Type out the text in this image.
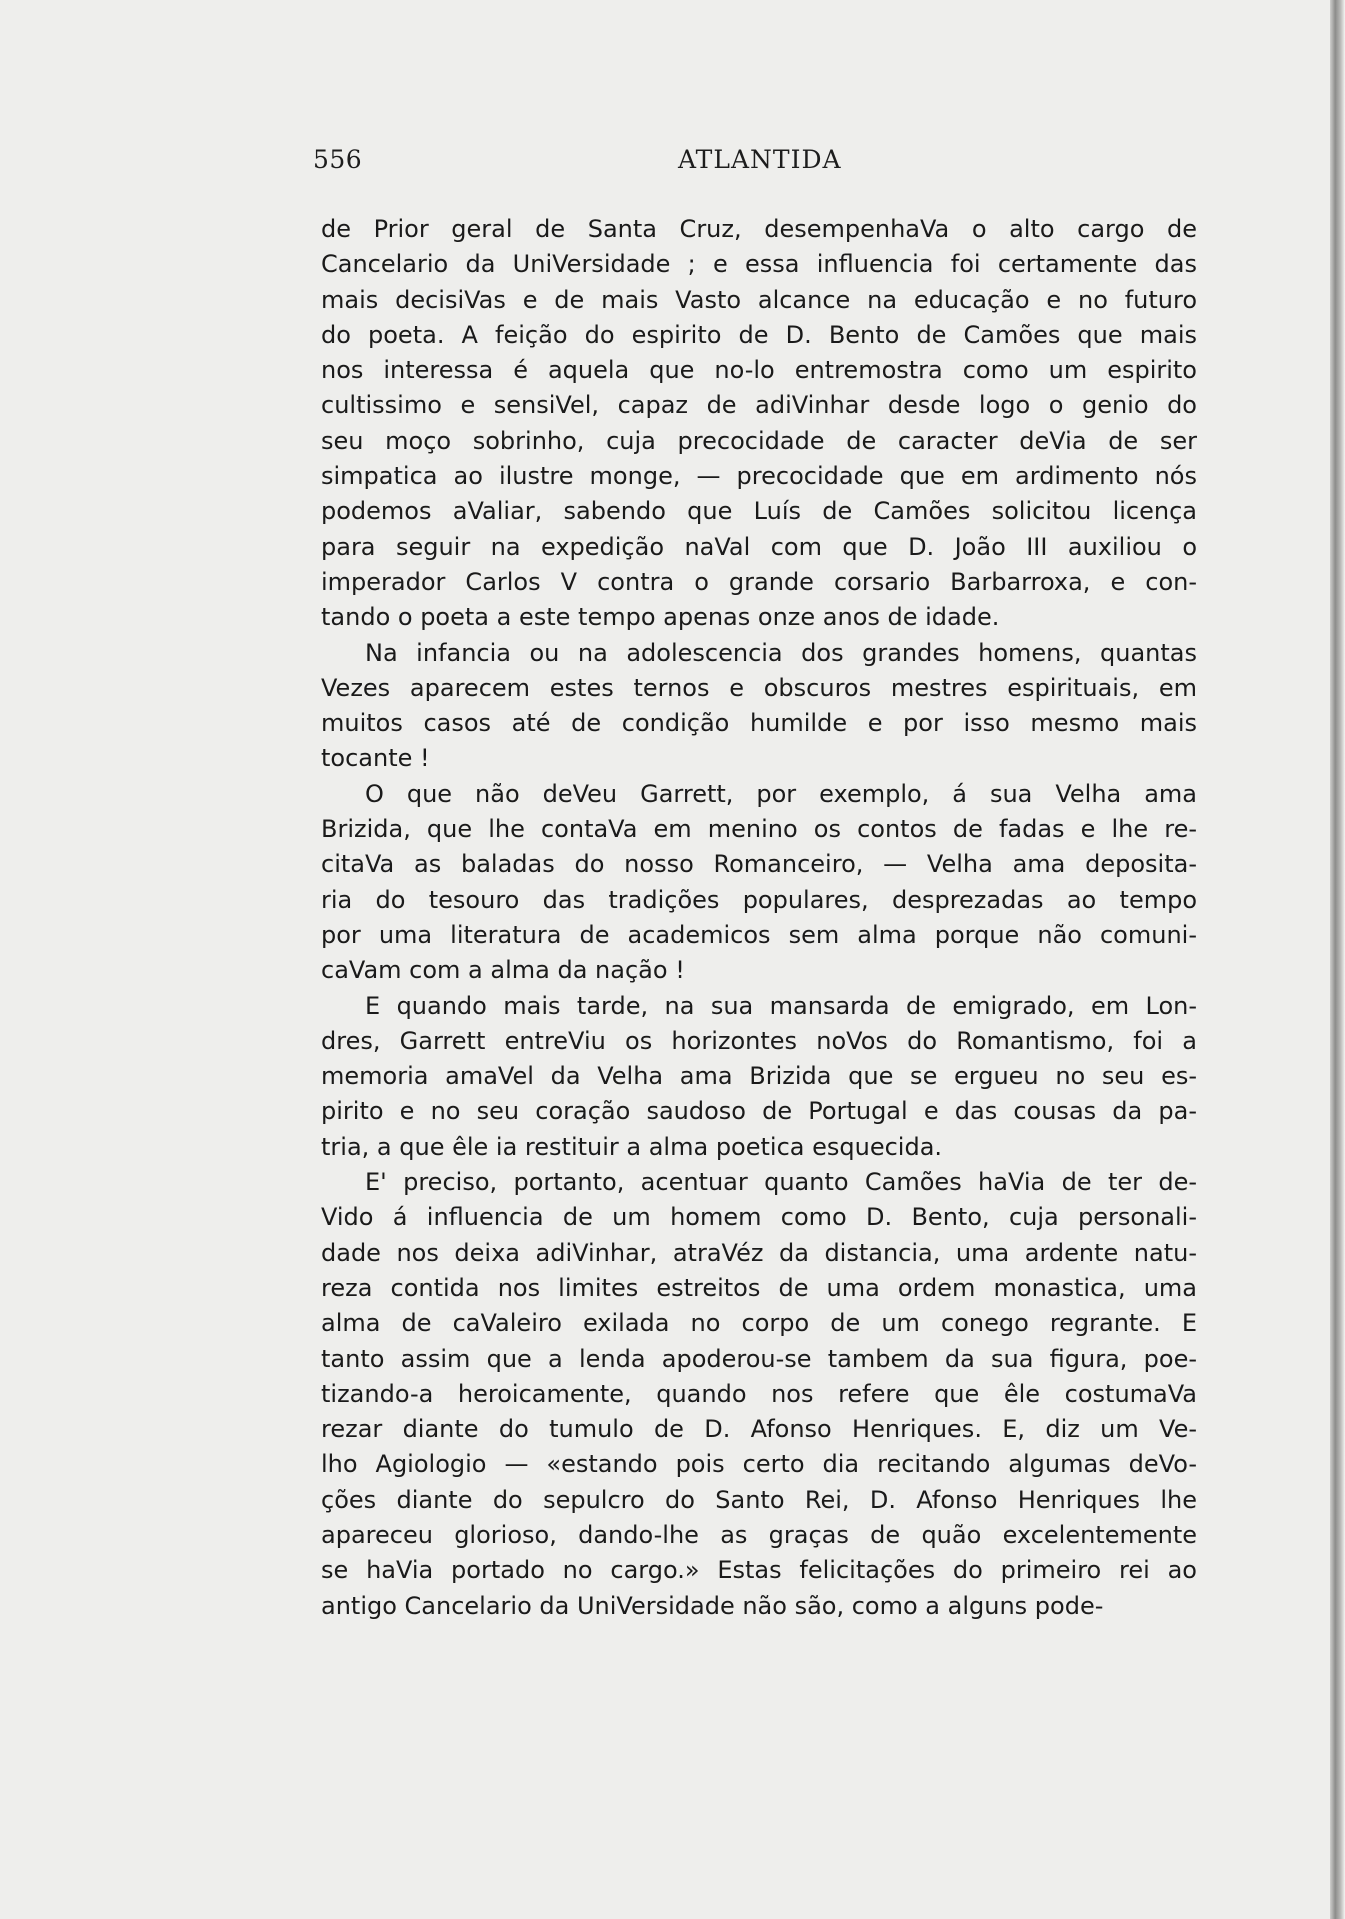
556	ATLANTIDA
de Prior geral de Santa Cruz, desempenhaVa o alto cargo de
Cancelario da UniVersidade ; e essa influencia foi certamente das
mais decisiVas e de mais Vasto alcance na educação e no futuro
do poeta. A feição do espirito de D. Bento de Camões que mais
nos interessa é aquela que no-lo entremostra como um espirito
cultissimo e sensiVel, capaz de adiVinhar desde logo o genio do
seu moço sobrinho, cuja precocidade de caracter deVia de ser
simpatica ao ilustre monge, — precocidade que em ardimento nós
podemos aValiar, sabendo que Luís de Camões solicitou licença
para seguir na expedição naVal com que D. João III auxiliou o
imperador Carlos V contra o grande corsario Barbarroxa, e con-
tando o poeta a este tempo apenas onze anos de idade.
Na infancia ou na adolescencia dos grandes homens, quantas
Vezes aparecem estes ternos e obscuros mestres espirituais, em
muitos casos até de condição humilde e por isso mesmo mais
tocante !
O que não deVeu Garrett, por exemplo, á sua Velha ama
Brizida, que lhe contaVa em menino os contos de fadas e lhe re-
citaVa as baladas do nosso Romanceiro, — Velha ama deposita-
ria do tesouro das tradições populares, desprezadas ao tempo
por uma literatura de academicos sem alma porque não comuni-
caVam com a alma da nação !
E quando mais tarde, na sua mansarda de emigrado, em Lon-
dres, Garrett entreViu os horizontes noVos do Romantismo, foi a
memoria amaVel da Velha ama Brizida que se ergueu no seu es-
pirito e no seu coração saudoso de Portugal e das cousas da pa-
tria, a que êle ia restituir a alma poetica esquecida.
E' preciso, portanto, acentuar quanto Camões haVia de ter de-
Vido á influencia de um homem como D. Bento, cuja personali-
dade nos deixa adiVinhar, atraVéz da distancia, uma ardente natu-
reza contida nos limites estreitos de uma ordem monastica, uma
alma de caValeiro exilada no corpo de um conego regrante. E
tanto assim que a lenda apoderou-se tambem da sua figura, poe-
tizando-a heroicamente, quando nos refere que êle costumaVa
rezar diante do tumulo de D. Afonso Henriques. E, diz um Ve-
lho Agiologio — «estando pois certo dia recitando algumas deVo-
ções diante do sepulcro do Santo Rei, D. Afonso Henriques lhe
apareceu glorioso, dando-lhe as graças de quão excelentemente
se haVia portado no cargo.» Estas felicitações do primeiro rei ao
antigo Cancelario da UniVersidade não são, como a alguns pode-
